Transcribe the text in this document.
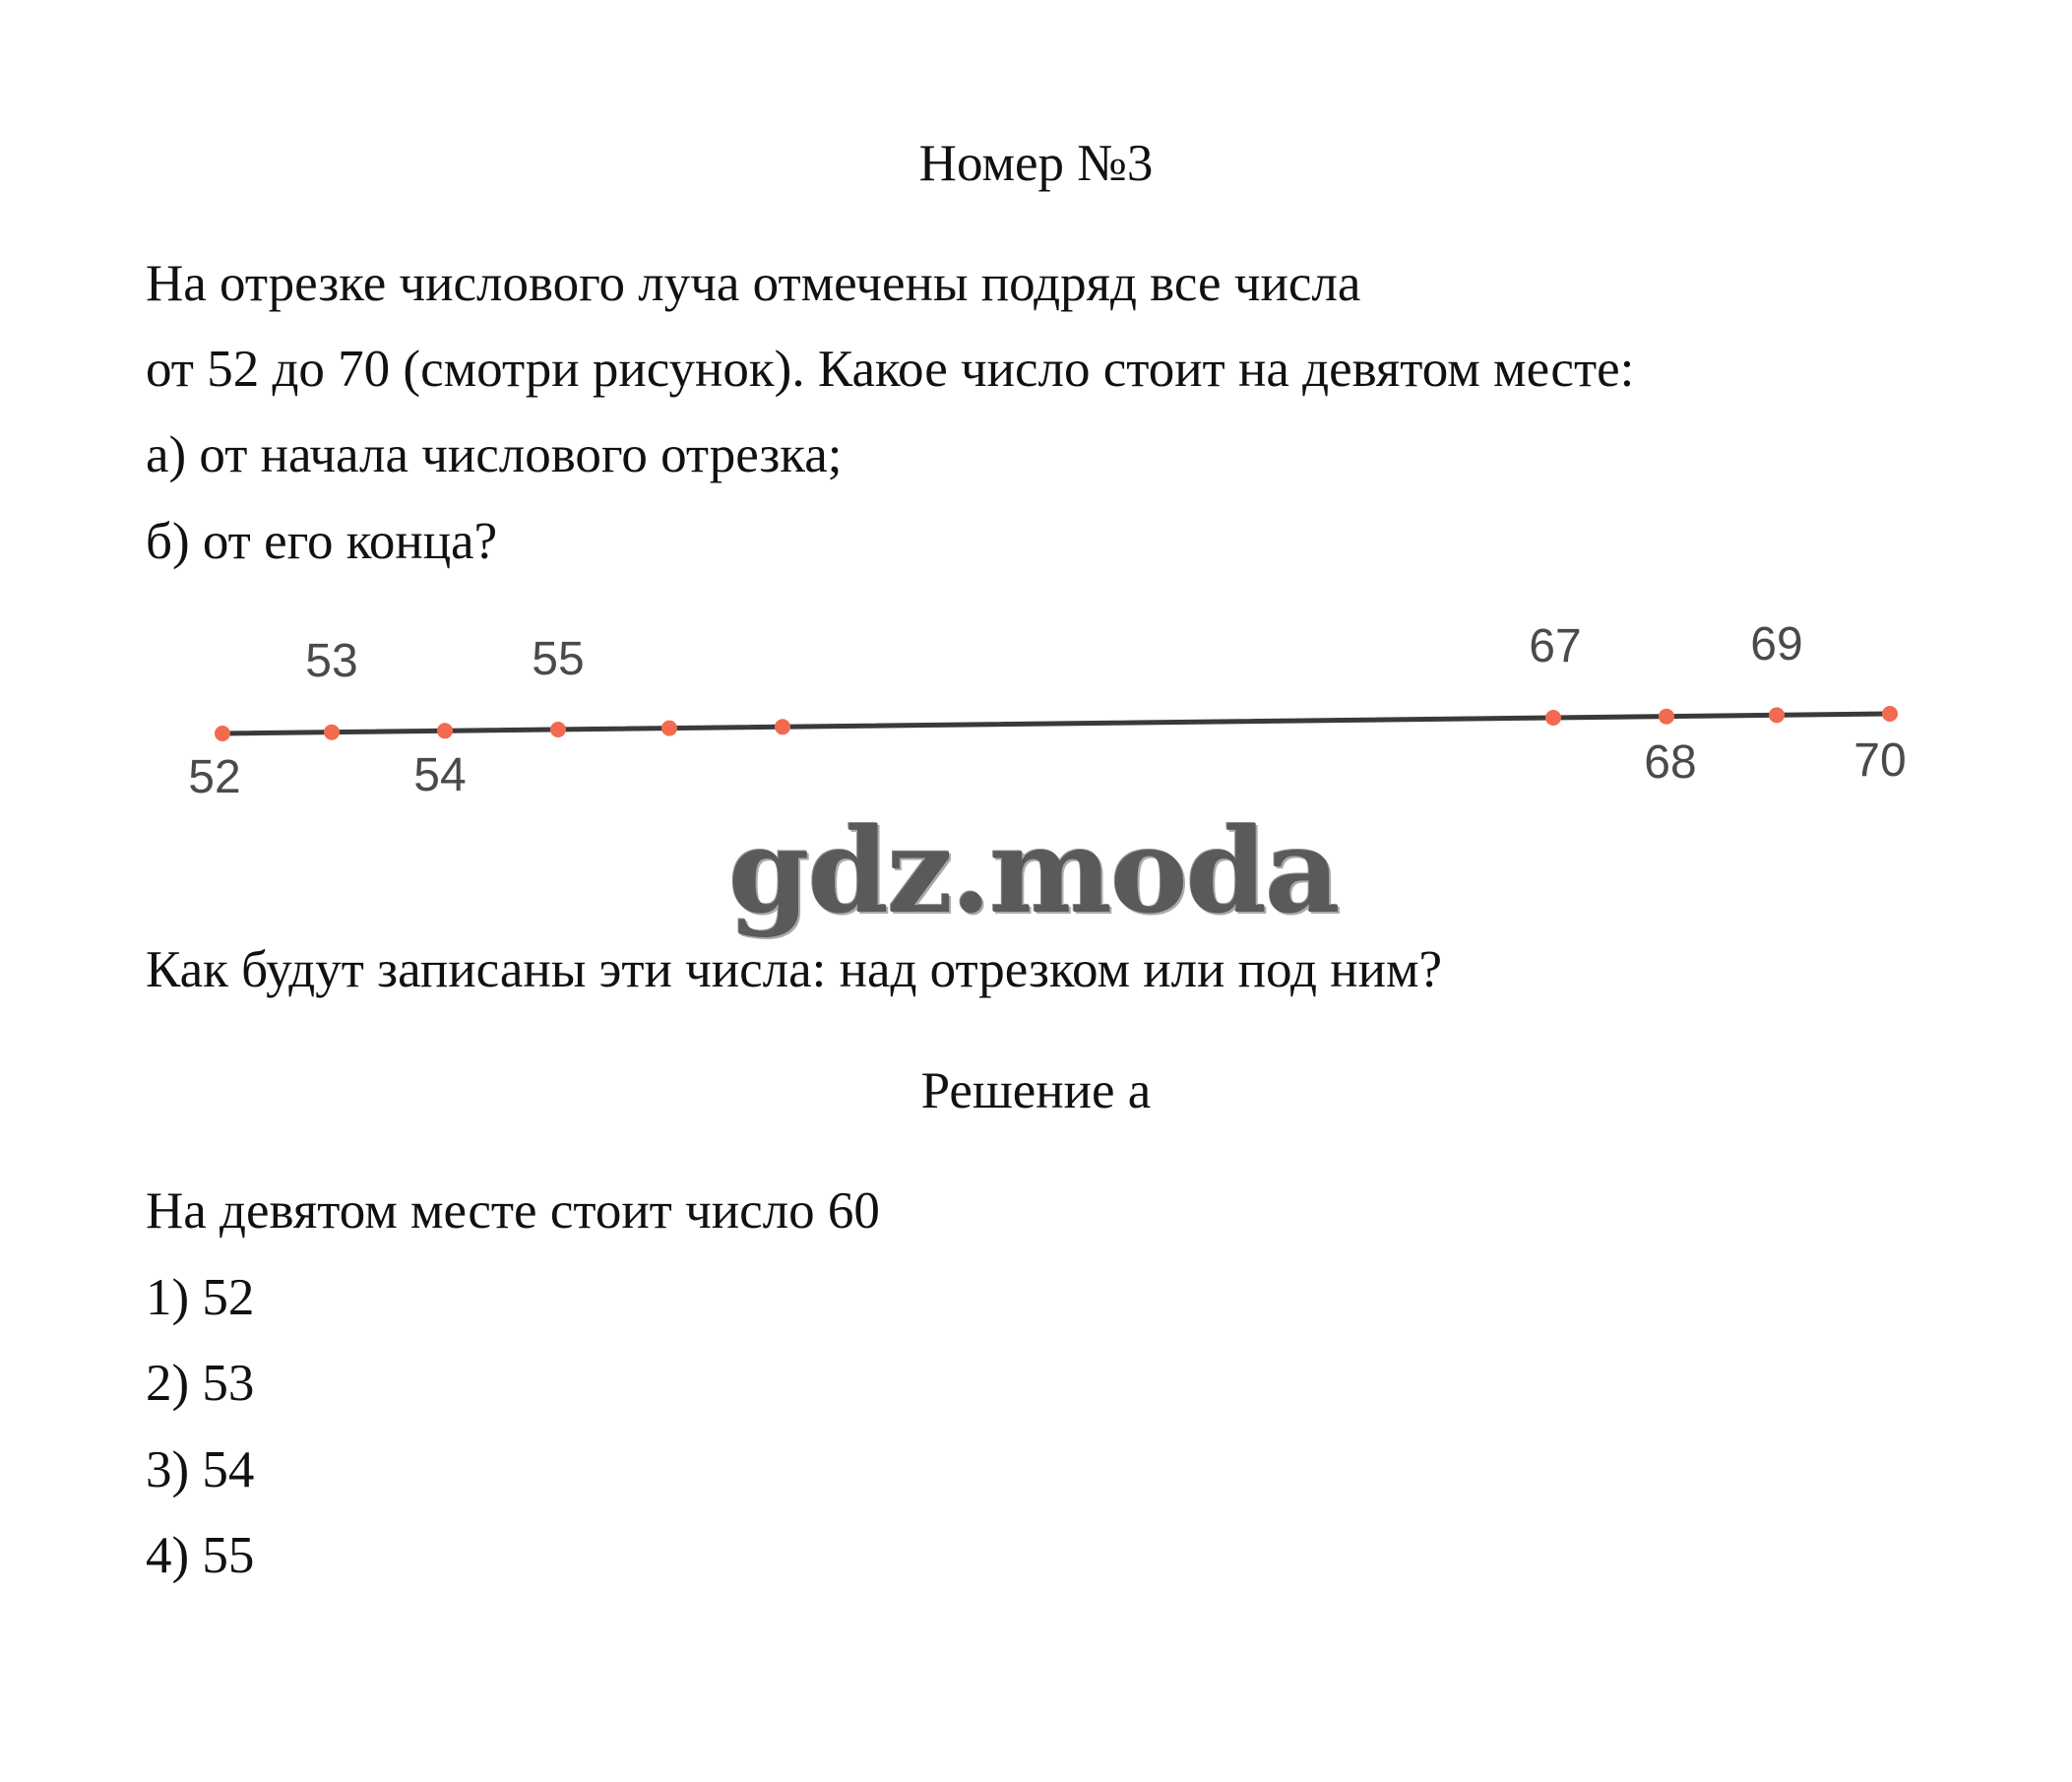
Номер №3
На отрезке числового луча отмечены подряд все числа
от 52 до 70 (смотри рисунок). Какое число стоит на девятом месте:
а) от начала числового отрезка;
б) от его конца?
53	55	67	69
52	54	68	70
gdz.moda
Как будут записаны эти числа: над отрезком или под ним?
Решение а
На девятом месте стоит число 60
1) 52
2) 53
3) 54
4) 55
